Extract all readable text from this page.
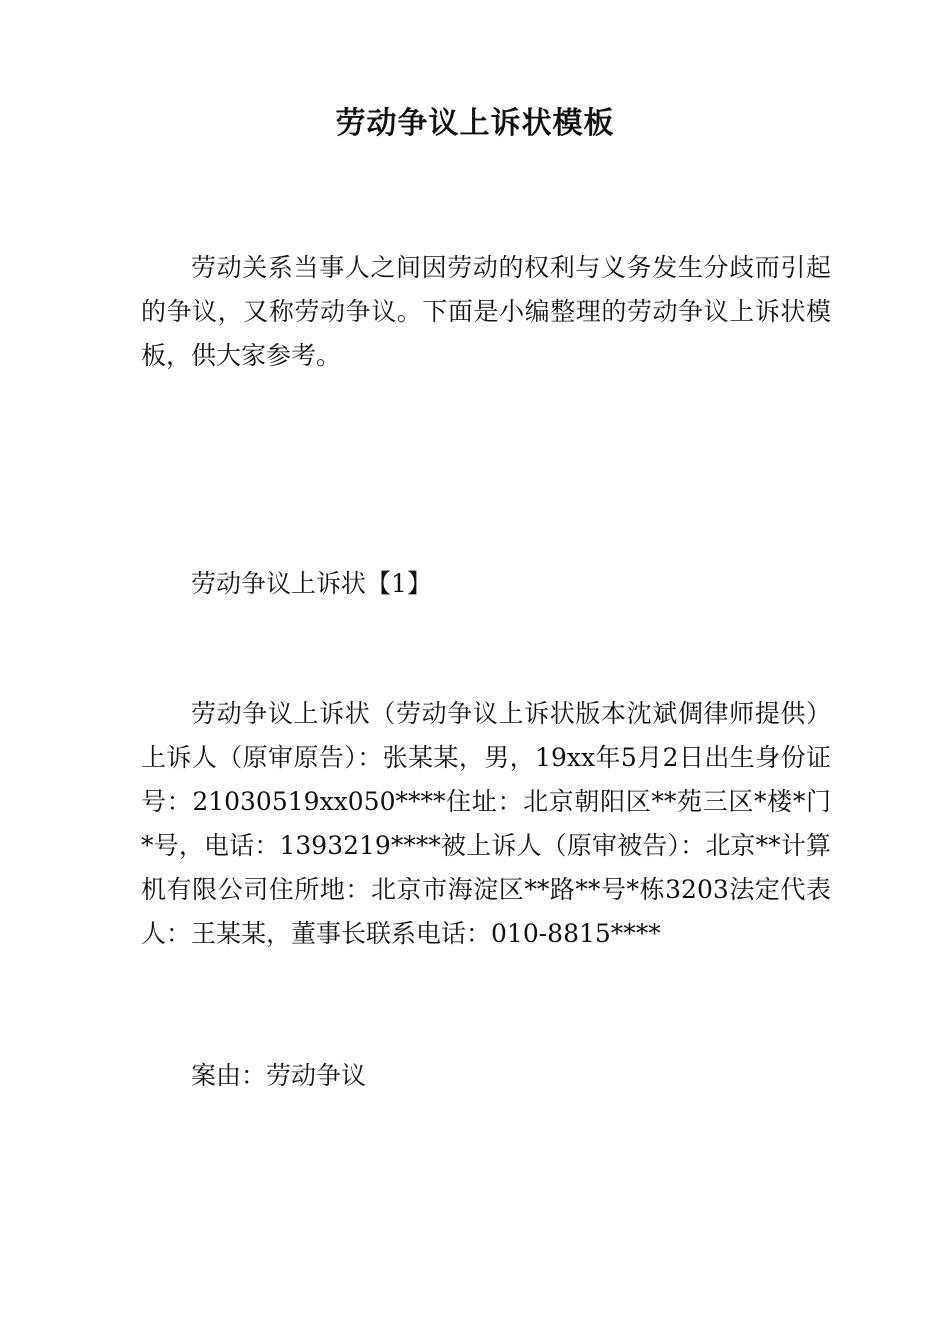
劳动争议上诉状模板

劳动关系当事人之间因劳动的权利与义务发生分歧而引起的争议，又称劳动争议。下面是小编整理的劳动争议上诉状模板，供大家参考。

劳动争议上诉状【1】

劳动争议上诉状（劳动争议上诉状版本沈斌倜律师提供）上诉人（原审原告）：张某某，男，19xx年5月2日出生身份证号：21030519xx050****住址：北京朝阳区**苑三区*楼*门*号，电话：1393219****被上诉人（原审被告）：北京**计算机有限公司住所地：北京市海淀区**路**号*栋3203法定代表人：王某某，董事长联系电话：010-8815****

案由：劳动争议
